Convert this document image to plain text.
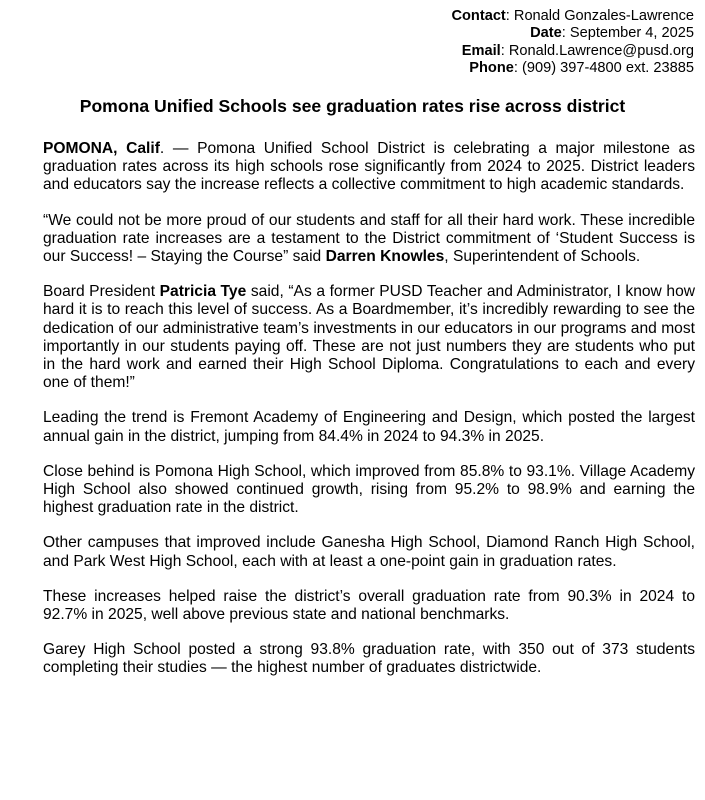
Contact: Ronald Gonzales-Lawrence
Date: September 4, 2025
Email: Ronald.Lawrence@pusd.org
Phone: (909) 397-4800 ext. 23885
Pomona Unified Schools see graduation rates rise across district

POMONA, Calif. — Pomona Unified School District is celebrating a major milestone as graduation rates across its high schools rose significantly from 2024 to 2025. District leaders and educators say the increase reflects a collective commitment to high academic standards.

“We could not be more proud of our students and staff for all their hard work. These incredible graduation rate increases are a testament to the District commitment of ‘Student Success is our Success! – Staying the Course” said Darren Knowles, Superintendent of Schools.

Board President Patricia Tye said, “As a former PUSD Teacher and Administrator, I know how hard it is to reach this level of success. As a Boardmember, it’s incredibly rewarding to see the dedication of our administrative team’s investments in our educators in our programs and most importantly in our students paying off. These are not just numbers they are students who put in the hard work and earned their High School Diploma. Congratulations to each and every one of them!”

Leading the trend is Fremont Academy of Engineering and Design, which posted the largest annual gain in the district, jumping from 84.4% in 2024 to 94.3% in 2025.

Close behind is Pomona High School, which improved from 85.8% to 93.1%. Village Academy High School also showed continued growth, rising from 95.2% to 98.9% and earning the highest graduation rate in the district.

Other campuses that improved include Ganesha High School, Diamond Ranch High School, and Park West High School, each with at least a one-point gain in graduation rates.

These increases helped raise the district’s overall graduation rate from 90.3% in 2024 to 92.7% in 2025, well above previous state and national benchmarks.

Garey High School posted a strong 93.8% graduation rate, with 350 out of 373 students completing their studies — the highest number of graduates districtwide.
